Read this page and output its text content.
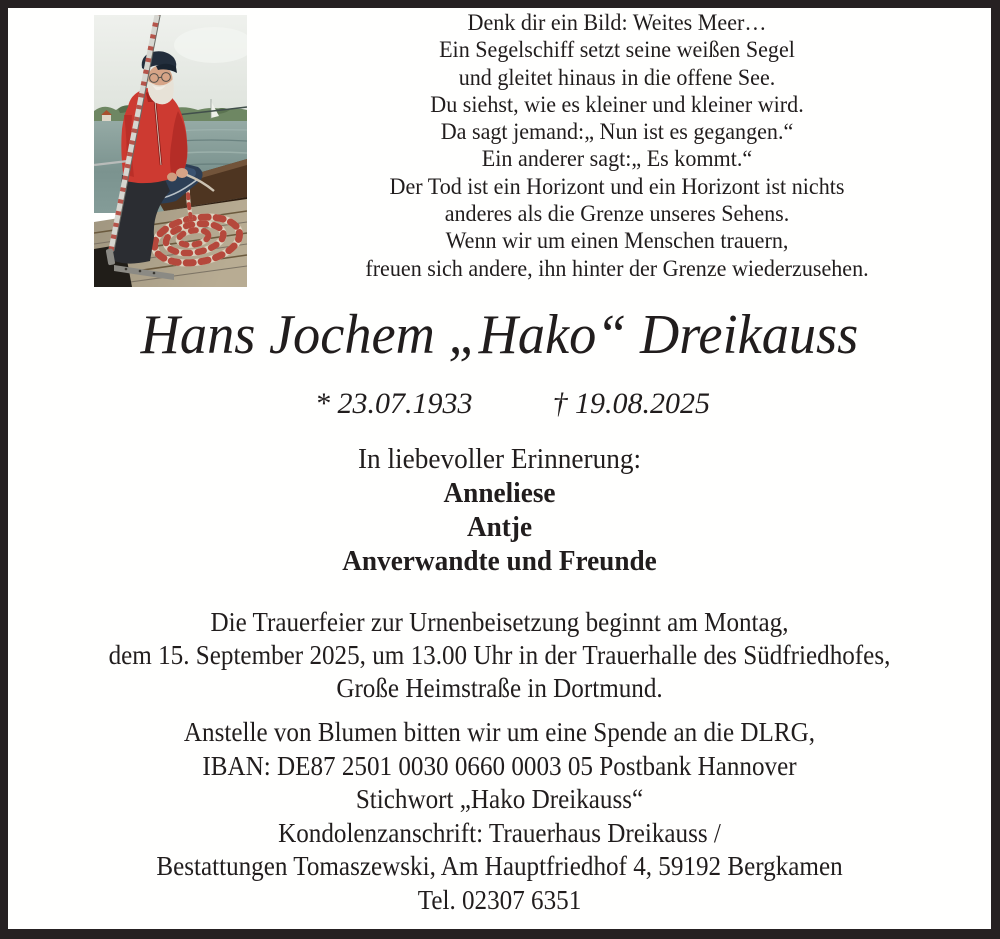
Denk dir ein Bild: Weites Meer…
Ein Segelschiff setzt seine weißen Segel
und gleitet hinaus in die offene See.
Du siehst, wie es kleiner und kleiner wird.
Da sagt jemand:„ Nun ist es gegangen.“
Ein anderer sagt:„ Es kommt.“
Der Tod ist ein Horizont und ein Horizont ist nichts
anderes als die Grenze unseres Sehens.
Wenn wir um einen Menschen trauern,
freuen sich andere, ihn hinter der Grenze wiederzusehen.
Hans Jochem „Hako“ Dreikauss
* 23.07.1933	† 19.08.2025
In liebevoller Erinnerung:
Anneliese
Antje
Anverwandte und Freunde
Die Trauerfeier zur Urnenbeisetzung beginnt am Montag,
dem 15. September 2025, um 13.00 Uhr in der Trauerhalle des Südfriedhofes,
Große Heimstraße in Dortmund.
Anstelle von Blumen bitten wir um eine Spende an die DLRG,
IBAN: DE87 2501 0030 0660 0003 05 Postbank Hannover
Stichwort „Hako Dreikauss“
Kondolenzanschrift: Trauerhaus Dreikauss /
Bestattungen Tomaszewski, Am Hauptfriedhof 4, 59192 Bergkamen
Tel. 02307 6351
